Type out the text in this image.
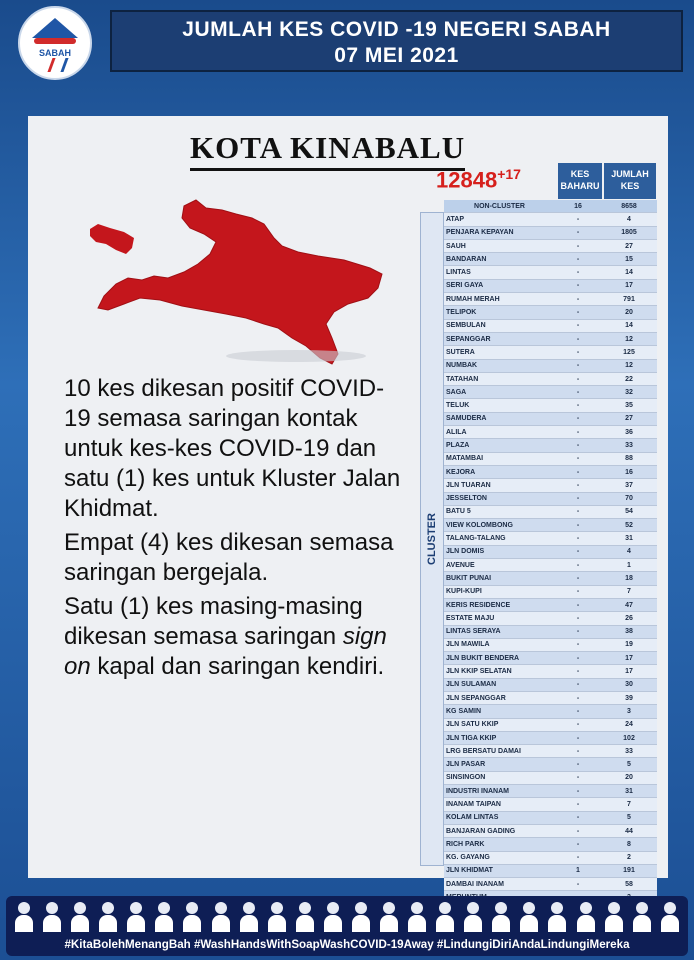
SABAH
JUMLAH KES COVID -19 NEGERI SABAH
07 MEI 2021
KOTA KINABALU
$12848^{+17}$	KES BAHARU
JUMLAH KES
CLUSTER
	NON-CLUSTER	16	8658
	ATAP	-	4
	PENJARA KEPAYAN	-	1805
	SAUH	-	27
	BANDARAN	-	15
	LINTAS	-	14
	SERI GAYA	-	17
	RUMAH MERAH	-	791
	TELIPOK	-	20
	SEMBULAN	-	14
	SEPANGGAR	-	12
	SUTERA	-	125
	NUMBAK	-	12
	TATAHAN	-	22
	SAGA	-	32
	TELUK	-	35
	SAMUDERA	-	27
	ALILA	-	36
	PLAZA	-	33
	MATAMBAI	-	88
	KEJORA	-	16
	JLN TUARAN	-	37
	JESSELTON	-	70
	BATU 5	-	54
	VIEW KOLOMBONG	-	52
	TALANG-TALANG	-	31
	JLN DOMIS	-	4
	AVENUE	-	1
	BUKIT PUNAI	-	18
	KUPI-KUPI	-	7
	KERIS RESIDENCE	-	47
	ESTATE MAJU	-	26
	LINTAS SERAYA	-	38
	JLN MAWILA	-	19
	JLN BUKIT BENDERA	-	17
	JLN KKIP SELATAN	-	17
	JLN SULAMAN	-	30
	JLN SEPANGGAR	-	39
	KG SAMIN	-	3
	JLN SATU KKIP	-	24
	JLN TIGA KKIP	-	102
	LRG BERSATU DAMAI	-	33
	JLN PASAR	-	5
	SINSINGON	-	20
	INDUSTRI INANAM	-	31
	INANAM TAIPAN	-	7
	KOLAM LINTAS	-	5
	BANJARAN GADING	-	44
	RICH PARK	-	8
	KG. GAYANG	-	2
	JLN KHIDMAT	1	191
	DAMBAI INANAM	-	58

10 kes dikesan positif COVID-19 semasa saringan kontak untuk kes-kes COVID-19 dan satu (1) kes untuk Kluster Jalan Khidmat.

Empat (4) kes dikesan semasa saringan bergejala.

Satu (1) kes masing-masing dikesan semasa saringan sign on kapal dan saringan kendiri.

#KitaBolehMenangBah #WashHandsWithSoapWashCOVID-19Away #LindungiDiriAndaLindungiMereka
